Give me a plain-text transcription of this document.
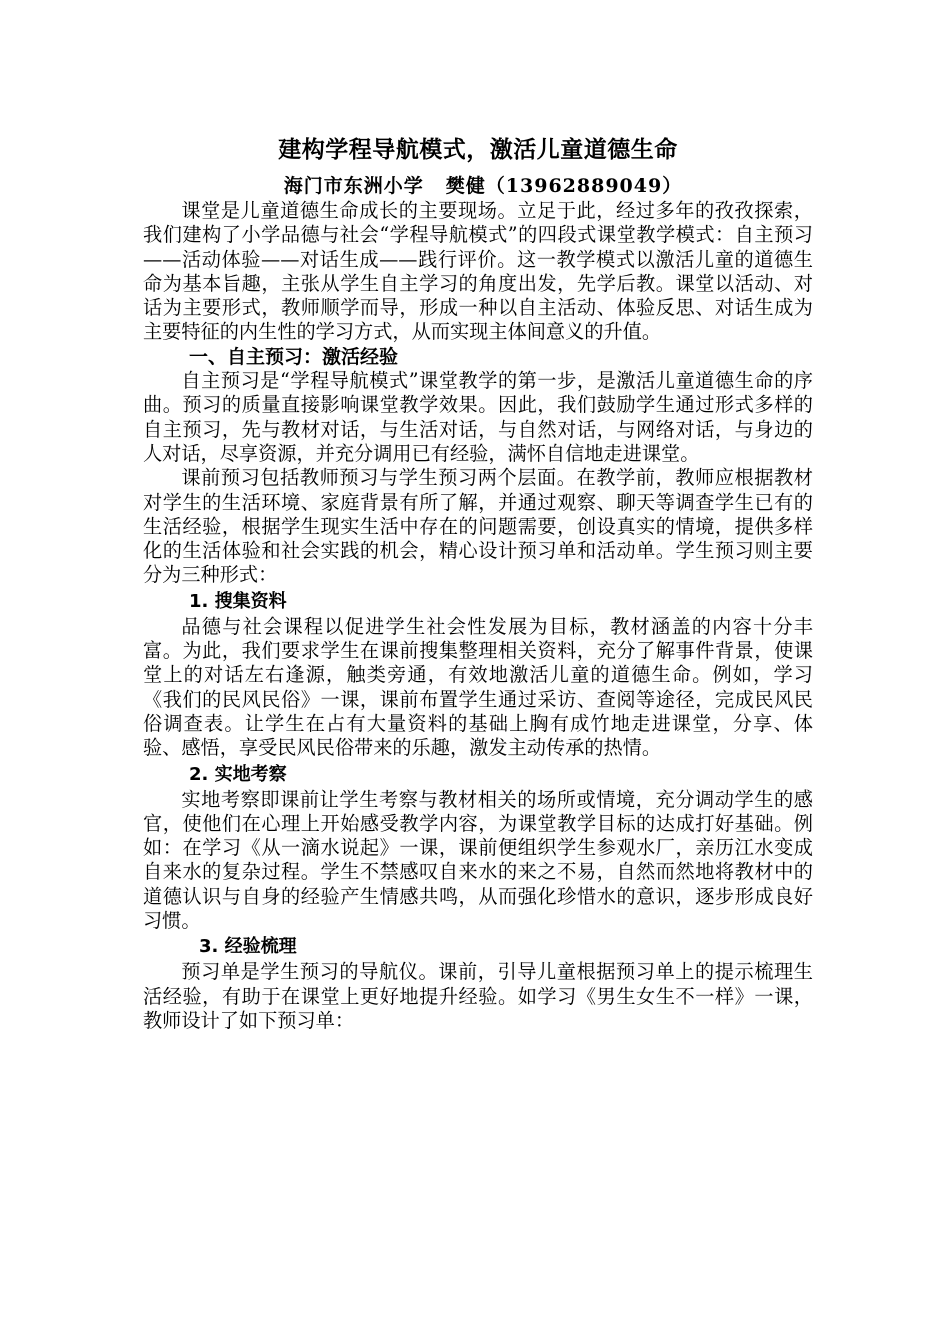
建构学程导航模式，激活儿童道德生命
海门市东洲小学 樊健（13962889049）

课堂是儿童道德生命成长的主要现场。立足于此，经过多年的孜孜探索，我们建构了小学品德与社会“学程导航模式”的四段式课堂教学模式：自主预习——活动体验——对话生成——践行评价。这一教学模式以激活儿童的道德生命为基本旨趣，主张从学生自主学习的角度出发，先学后教。课堂以活动、对话为主要形式，教师顺学而导，形成一种以自主活动、体验反思、对话生成为主要特征的内生性的学习方式，从而实现主体间意义的升值。

一、自主预习：激活经验

自主预习是“学程导航模式”课堂教学的第一步，是激活儿童道德生命的序曲。预习的质量直接影响课堂教学效果。因此，我们鼓励学生通过形式多样的自主预习，先与教材对话，与生活对话，与自然对话，与网络对话，与身边的人对话，尽享资源，并充分调用已有经验，满怀自信地走进课堂。

课前预习包括教师预习与学生预习两个层面。在教学前，教师应根据教材对学生的生活环境、家庭背景有所了解，并通过观察、聊天等调查学生已有的生活经验，根据学生现实生活中存在的问题需要，创设真实的情境，提供多样化的生活体验和社会实践的机会，精心设计预习单和活动单。学生预习则主要分为三种形式：

1. 搜集资料

品德与社会课程以促进学生社会性发展为目标，教材涵盖的内容十分丰富。为此，我们要求学生在课前搜集整理相关资料，充分了解事件背景，使课堂上的对话左右逢源，触类旁通，有效地激活儿童的道德生命。例如，学习《我们的民风民俗》一课，课前布置学生通过采访、查阅等途径，完成民风民俗调查表。让学生在占有大量资料的基础上胸有成竹地走进课堂，分享、体验、感悟，享受民风民俗带来的乐趣，激发主动传承的热情。

2. 实地考察

实地考察即课前让学生考察与教材相关的场所或情境，充分调动学生的感官，使他们在心理上开始感受教学内容，为课堂教学目标的达成打好基础。例如：在学习《从一滴水说起》一课，课前便组织学生参观水厂，亲历江水变成自来水的复杂过程。学生不禁感叹自来水的来之不易，自然而然地将教材中的道德认识与自身的经验产生情感共鸣，从而强化珍惜水的意识，逐步形成良好习惯。

3. 经验梳理

预习单是学生预习的导航仪。课前，引导儿童根据预习单上的提示梳理生活经验，有助于在课堂上更好地提升经验。如学习《男生女生不一样》一课，教师设计了如下预习单：
